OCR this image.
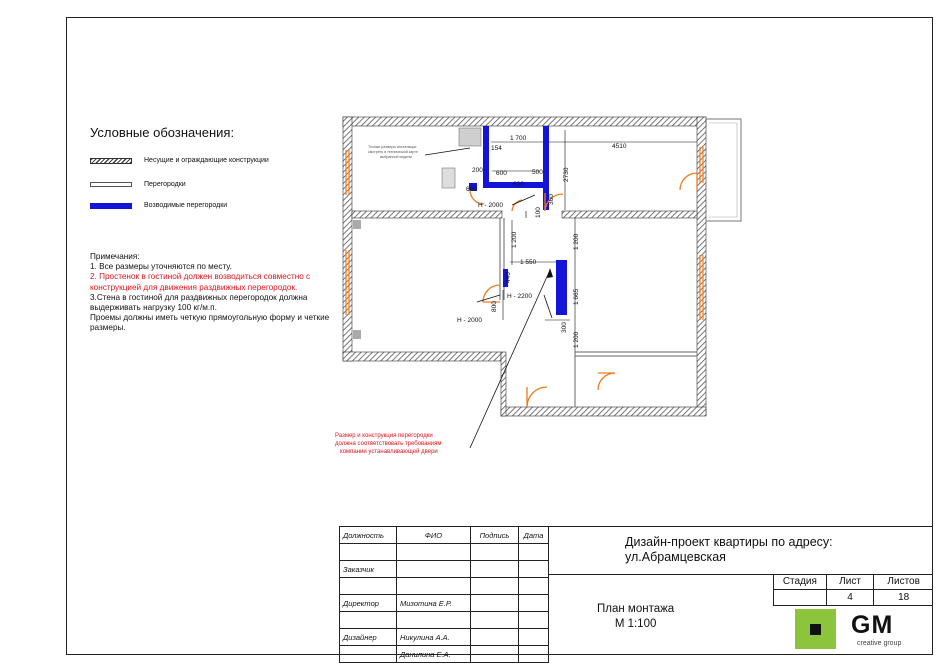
Условные обозначения:
Несущие и ограждающие конструкции
Перегородки
Возводимые перегородки
Примечания:
1. Все размеры уточняются по месту.
2. Простенок в гостиной должен возводиться совместно с конструкцией для движения раздвижных перегородок.
3.Стена в гостиной для раздвижных перегородок должна выдерживать нагрузку 100 кг/м.п.
Проемы должны иметь четкую прямоугольную форму и четкие размеры.
Точные размеры инсталяции
смотреть в технической карте
выбранной модели
Размер и конструкция перегородки
должна соответствовать требованиям
компании устанавливающей двери
1 700
4510
154
200
600
600
600
500
Н - 2000
Н - 2200
1 550
Н - 2000
2730
360
100
1 200	1 200
1 200
440
1 665
300
800
Должность	ФИО	Подпись	Дата

Заказчик			

Директор	Мизотина Е.Р.		

Дизайнер	Никулина А.А.		
	Данилина Е.А.		
Дизайн-проект квартиры по адресу:
ул.Абрамцевская
Стадия	Лист	Листов
	4	18
План монтажа
М 1:100	GM
creative group
